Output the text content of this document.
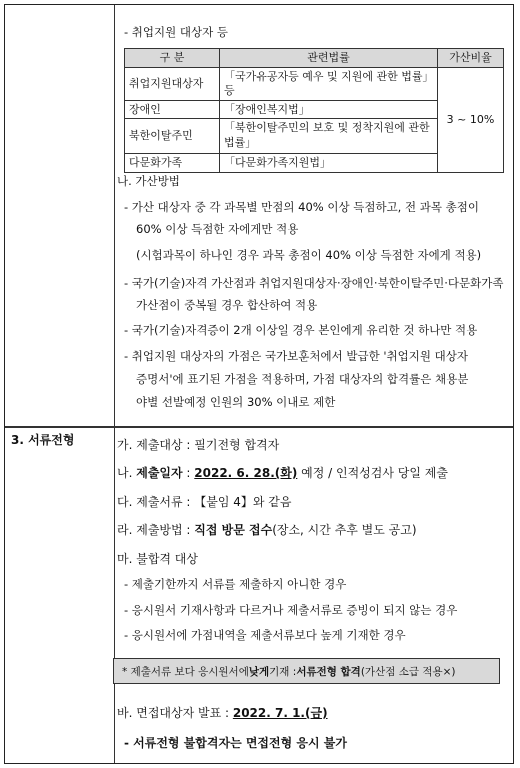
- 취업지원 대상자 등
구 분	관련법률	가산비율
취업지원대상자	「국가유공자등 예우 및 지원에 관한 법률」등	3 ~ 10%
장애인	「장애인복지법」	
북한이탈주민	「북한이탈주민의 보호 및 정착지원에 관한 법률」	
다문화가족	「다문화가족지원법」	
나. 가산방법
- 가산 대상자 중 각 과목별 만점의 40% 이상 득점하고, 전 과목 총점이
60% 이상 득점한 자에게만 적용
(시험과목이 하나인 경우 과목 총점이 40% 이상 득점한 자에게 적용)
- 국가(기술)자격 가산점과 취업지원대상자·장애인·북한이탈주민·다문화가족
가산점이 중복될 경우 합산하여 적용
- 국가(기술)자격증이 2개 이상일 경우 본인에게 유리한 것 하나만 적용
- 취업지원 대상자의 가점은 국가보훈처에서 발급한 '취업지원 대상자
증명서'에 표기된 가점을 적용하며, 가점 대상자의 합격률은 채용분
야별 선발예정 인원의 30% 이내로 제한
3. 서류전형	가. 제출대상 : 필기전형 합격자
나. 제출일자 : 2022. 6. 28.(화) 예정 / 인적성검사 당일 제출
다. 제출서류 : 【붙임 4】와 같음
라. 제출방법 : 직접 방문 접수(장소, 시간 추후 별도 공고)
마. 불합격 대상
- 제출기한까지 서류를 제출하지 아니한 경우
- 응시원서 기재사항과 다르거나 제출서류로 증빙이 되지 않는 경우
- 응시원서에 가점내역을 제출서류보다 높게 기재한 경우
* 제출서류 보다 응시원서에 낮게 기재 : 서류전형 합격 (가산점 소급 적용×)
바. 면접대상자 발표 : 2022. 7. 1.(금)
- 서류전형 불합격자는 면접전형 응시 불가
